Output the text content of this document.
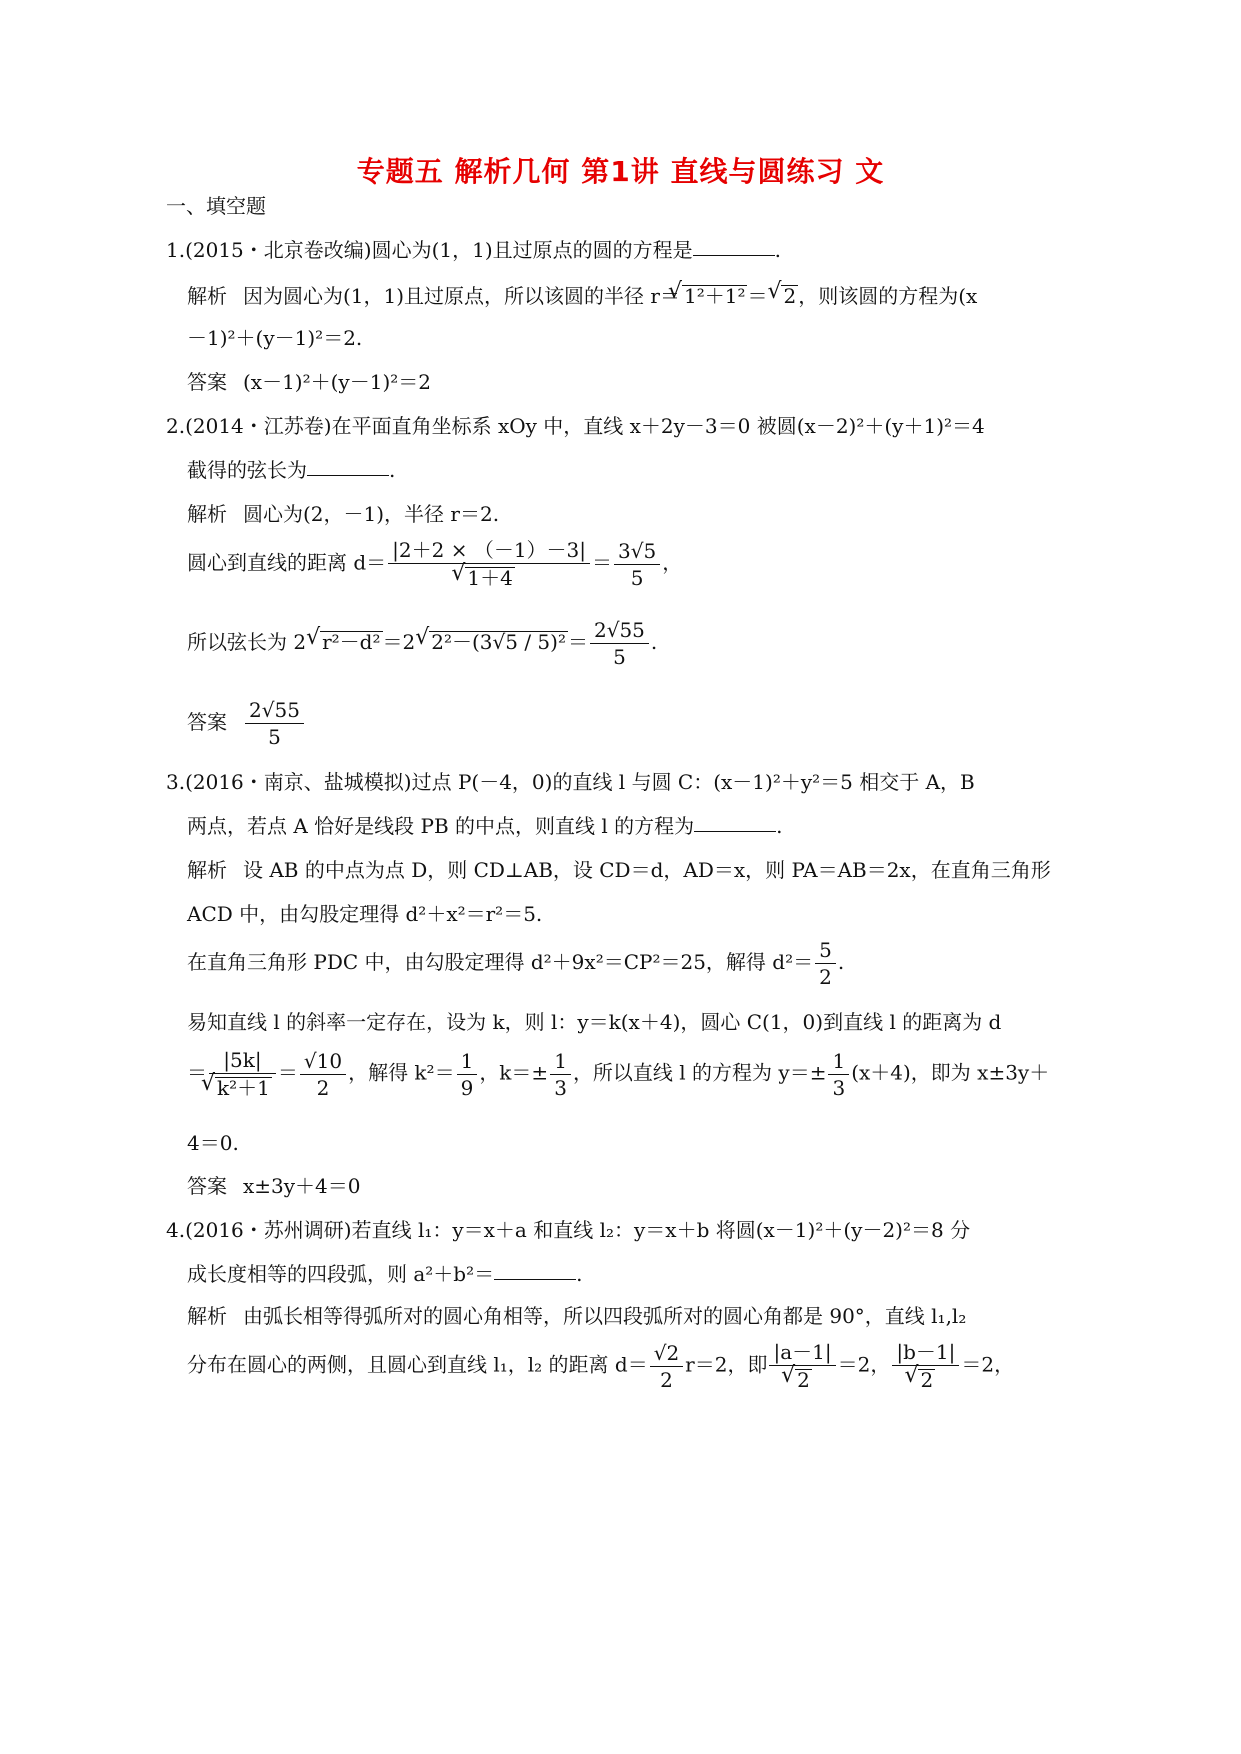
专题五 解析几何 第1讲 直线与圆练习 文
一、填空题
1.(2015・北京卷改编)圆心为(1，1)且过原点的圆的方程是	.
解析 因为圆心为(1，1)且过原点，所以该圆的半径 r＝ √ 1²＋1² ＝ √ 2 ，则该圆的方程为(x
－1)²＋(y－1)²＝2.
答案 (x－1)²＋(y－1)²＝2
2.(2014・江苏卷)在平面直角坐标系 xOy 中，直线 x＋2y－3＝0 被圆(x－2)²＋(y＋1)²＝4
截得的弦长为	.
解析 圆心为(2，－1)，半径 r＝2.
圆心到直线的距离 d＝ |2＋2 × （－1）－3|
√ $1+4 = \frac{3√5}{5}$ ，
所以弦长为 2 √ r²－d² ＝2 √ $2^2-(3√5 / 5)^2 = \frac{2√55}{5}$ .
答案 $\frac{2√55}{5}$
3.(2016・南京、盐城模拟)过点 P(－4，0)的直线 l 与圆 C：(x－1)²＋y²＝5 相交于 A，B
两点，若点 A 恰好是线段 PB 的中点，则直线 l 的方程为	.
解析 设 AB 的中点为点 D，则 CD⊥AB，设 CD＝d，AD＝x，则 PA＝AB＝2x，在直角三角形
ACD 中，由勾股定理得 d²＋x²＝r²＝5.
在直角三角形 PDC 中，由勾股定理得 d²＋9x²＝CP²＝25，解得 $d^2= \frac{5}{2}$ .
易知直线 l 的斜率一定存在，设为 k，则 l：y＝k(x＋4)，圆心 C(1，0)到直线 l 的距离为 d
＝ |5k|
√ $k^2+1 = \frac{√10}{2}$ ，解得 $k^2= \frac{1}{9}$ ，$k=\pm \frac{1}{3}$ ，所以直线 l 的方程为 $y=\pm \frac{1}{3} (x+4)$，即为 x±3y＋
4＝0.
答案 x±3y＋4＝0
4.(2016・苏州调研)若直线 l₁：y＝x＋a 和直线 l₂：y＝x＋b 将圆(x－1)²＋(y－2)²＝8 分
成长度相等的四段弧，则 a²＋b²＝	.
解析 由弧长相等得弧所对的圆心角相等，所以四段弧所对的圆心角都是 90°，直线 l₁,l₂
分布在圆心的两侧，且圆心到直线 l₁，l₂ 的距离 $d= \frac{√2}{2} r=2$，即 |a－1|
√ 2 ＝2， |b－1|
√ 2 ＝2，
